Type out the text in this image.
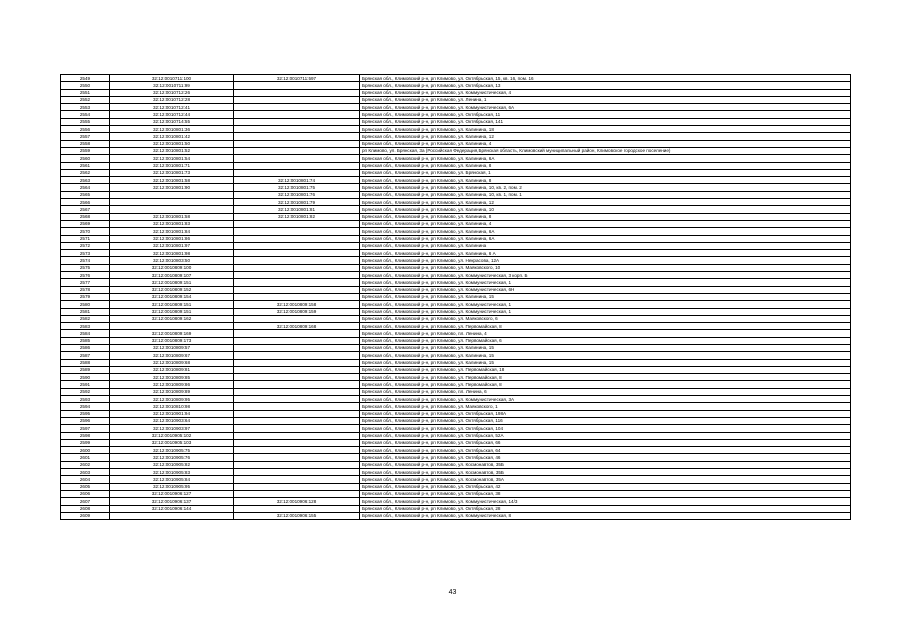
2549	32:12:0010711:100	32:12:0010711:597	Брянская обл., Климовский р-н, рп Климово, ул. Октябрьская, 15, кв. 16, пом. 16
2550	32:12:0010711:99		Брянская обл., Климовский р-н, рп Климово, ул. Октябрьская, 13
2551	32:12:0010712:26		Брянская обл., Климовский р-н, рп Климово, ул. Коммунистическая, 4
2552	32:12:0010712:28		Брянская обл., Климовский р-н, рп Климово, ул. Ленина, 1
2553	32:12:0010712:41		Брянская обл., Климовский р-н, рп Климово, ул. Коммунистическая, 6А
2554	32:12:0010712:44		Брянская обл., Климовский р-н, рп Климово, ул. Октябрьская, 11
2555	32:12:0010714:55		Брянская обл., Климовский р-н, рп Климово, ул. Октябрьская, 141
2556	32:12:0010801:36		Брянская обл., Климовский р-н, рп Климово, ул. Калинина, 18
2557	32:12:0010801:42		Брянская обл., Климовский р-н, рп Климово, ул. Калинина, 12
2558	32:12:0010801:50		Брянская обл., Климовский р-н, рп Климово, ул. Калинина, 4
2559	32:12:0010801:52		рп Климово, ул. Брянская, 3а (Российская Федерация,Брянская область, Климовский муниципальный район, Климовское городское поселение)
2560	32:12:0010801:54		Брянская обл., Климовский р-н, рп Климово, ул. Калинина, 6А
2561	32:12:0010801:71		Брянская обл., Климовский р-н, рп Климово, ул. Калинина, 8
2562	32:12:0010801:73		Брянская обл., Климовский р-н, рп Климово, ул. Брянская, 1
2563	32:12:0010801:58	32:12:0010801:74	Брянская обл., Климовский р-н, рп Климово, ул. Калинина, 8
2564	32:12:0010801:90	32:12:0010801:75	Брянская обл., Климовский р-н, рп Климово, ул. Калинина, 10, кв. 2, пом. 2
2565		32:12:0010801:76	Брянская обл., Климовский р-н, рп Климово, ул. Калинина, 10, кв. 1, пом. 1
2566		32:12:0010801:79	Брянская обл., Климовский р-н, рп Климово, ул. Калинина, 12
2567		32:12:0010801:81	Брянская обл., Климовский р-н, рп Климово, ул. Калинина, 10
2568	32:12:0010801:58	32:12:0010801:82	Брянская обл., Климовский р-н, рп Климово, ул. Калинина, 8
2569	32:12:0010801:83		Брянская обл., Климовский р-н, рп Климово, ул. Калинина, 4
2570	32:12:0010801:84		Брянская обл., Климовский р-н, рп Климово, ул. Калинина, 6А
2571	32:12:0010801:86		Брянская обл., Климовский р-н, рп Климово, ул. Калинина, 6А
2572	32:12:0010801:97		Брянская обл., Климовский р-н, рп Климово, ул. Калинина
2573	32:12:0010801:98		Брянская обл., Климовский р-н, рп Климово, ул. Калинина, 6 А
2574	32:12:0010803:50		Брянская обл., Климовский р-н, рп Климово, ул. Некрасова, 12А
2575	32:12:0010809:100		Брянская обл., Климовский р-н, рп Климово, ул. Маяковского, 10
2576	32:12:0010809:107		Брянская обл., Климовский р-н, рп Климово, ул. Коммунистическая, 3 корп. Б
2577	32:12:0010809:151		Брянская обл., Климовский р-н, рп Климово, ул. Коммунистическая, 1
2578	32:12:0010809:152		Брянская обл., Климовский р-н, рп Климово, ул. Коммунистическая, 6Н
2579	32:12:0010809:154		Брянская обл., Климовский р-н, рп Климово, ул. Калинина, 15
2580	32:12:0010809:151	32:12:0010809:158	Брянская обл., Климовский р-н, рп Климово, ул. Коммунистическая, 1
2581	32:12:0010809:151	32:12:0010809:159	Брянская обл., Климовский р-н, рп Климово, ул. Коммунистическая, 1
2582	32:12:0010809:162		Брянская обл., Климовский р-н, рп Климово, ул. Маяковского, 6
2583		32:12:0010809:168	Брянская обл., Климовский р-н, рп Климово, ул. Первомайская, 8
2584	32:12:0010809:169		Брянская обл., Климовский р-н, рп Климово, пл. Ленина, 4
2585	32:12:0010809:173		Брянская обл., Климовский р-н, рп Климово, ул. Первомайская, 6
2586	32:12:0010809:57		Брянская обл., Климовский р-н, рп Климово, ул. Калинина, 15
2587	32:12:0010809:67		Брянская обл., Климовский р-н, рп Климово, ул. Калинина, 15
2588	32:12:0010809:68		Брянская обл., Климовский р-н, рп Климово, ул. Калинина, 15
2589	32:12:0010809:81		Брянская обл., Климовский р-н, рп Климово, ул. Первомайская, 18
2590	32:12:0010809:85		Брянская обл., Климовский р-н, рп Климово, ул. Первомайская, 8
2591	32:12:0010809:86		Брянская обл., Климовский р-н, рп Климово, ул. Первомайская, 8
2592	32:12:0010809:89		Брянская обл., Климовский р-н, рп Климово, пл. Ленина, 6
2593	32:12:0010809:95		Брянская обл., Климовский р-н, рп Климово, ул. Коммунистическая, 3А
2594	32:12:0010810:98		Брянская обл., Климовский р-н, рп Климово, ул. Маяковского, 1
2595	32:12:0010901:94		Брянская обл., Климовский р-н, рп Климово, ул. Октябрьская, 198А
2596	32:12:0010903:64		Брянская обл., Климовский р-н, рп Климово, ул. Октябрьская, 116
2597	32:12:0010903:97		Брянская обл., Климовский р-н, рп Климово, ул. Октябрьская, 104
2598	32:12:0010905:102		Брянская обл., Климовский р-н, рп Климово, ул. Октябрьская, 52А
2599	32:12:0010905:103		Брянская обл., Климовский р-н, рп Климово, ул. Октябрьская, 66
2600	32:12:0010905:75		Брянская обл., Климовский р-н, рп Климово, ул. Октябрьская, 64
2601	32:12:0010905:76		Брянская обл., Климовский р-н, рп Климово, ул. Октябрьская, 46
2602	32:12:0010905:82		Брянская обл., Климовский р-н, рп Климово, ул. Космонавтов, 35Б
2603	32:12:0010905:83		Брянская обл., Климовский р-н, рп Климово, ул. Космонавтов, 35Б
2604	32:12:0010905:84		Брянская обл., Климовский р-н, рп Климово, ул. Космонавтов, 35А
2605	32:12:0010905:95		Брянская обл., Климовский р-н, рп Климово, ул. Октябрьская, 42
2606	32:12:0010906:127		Брянская обл., Климовский р-н, рп Климово, ул. Октябрьская, 38
2607	32:12:0010906:137	32:12:0010906:128	Брянская обл., Климовский р-н, рп Климово, ул. Коммунистическая, 14/3
2608	32:12:0010906:144		Брянская обл., Климовский р-н, рп Климово, ул. Октябрьская, 28
2609		32:12:0010906:155	Брянская обл., Климовский р-н, рп Климово, ул. Коммунистическая, 8
43
